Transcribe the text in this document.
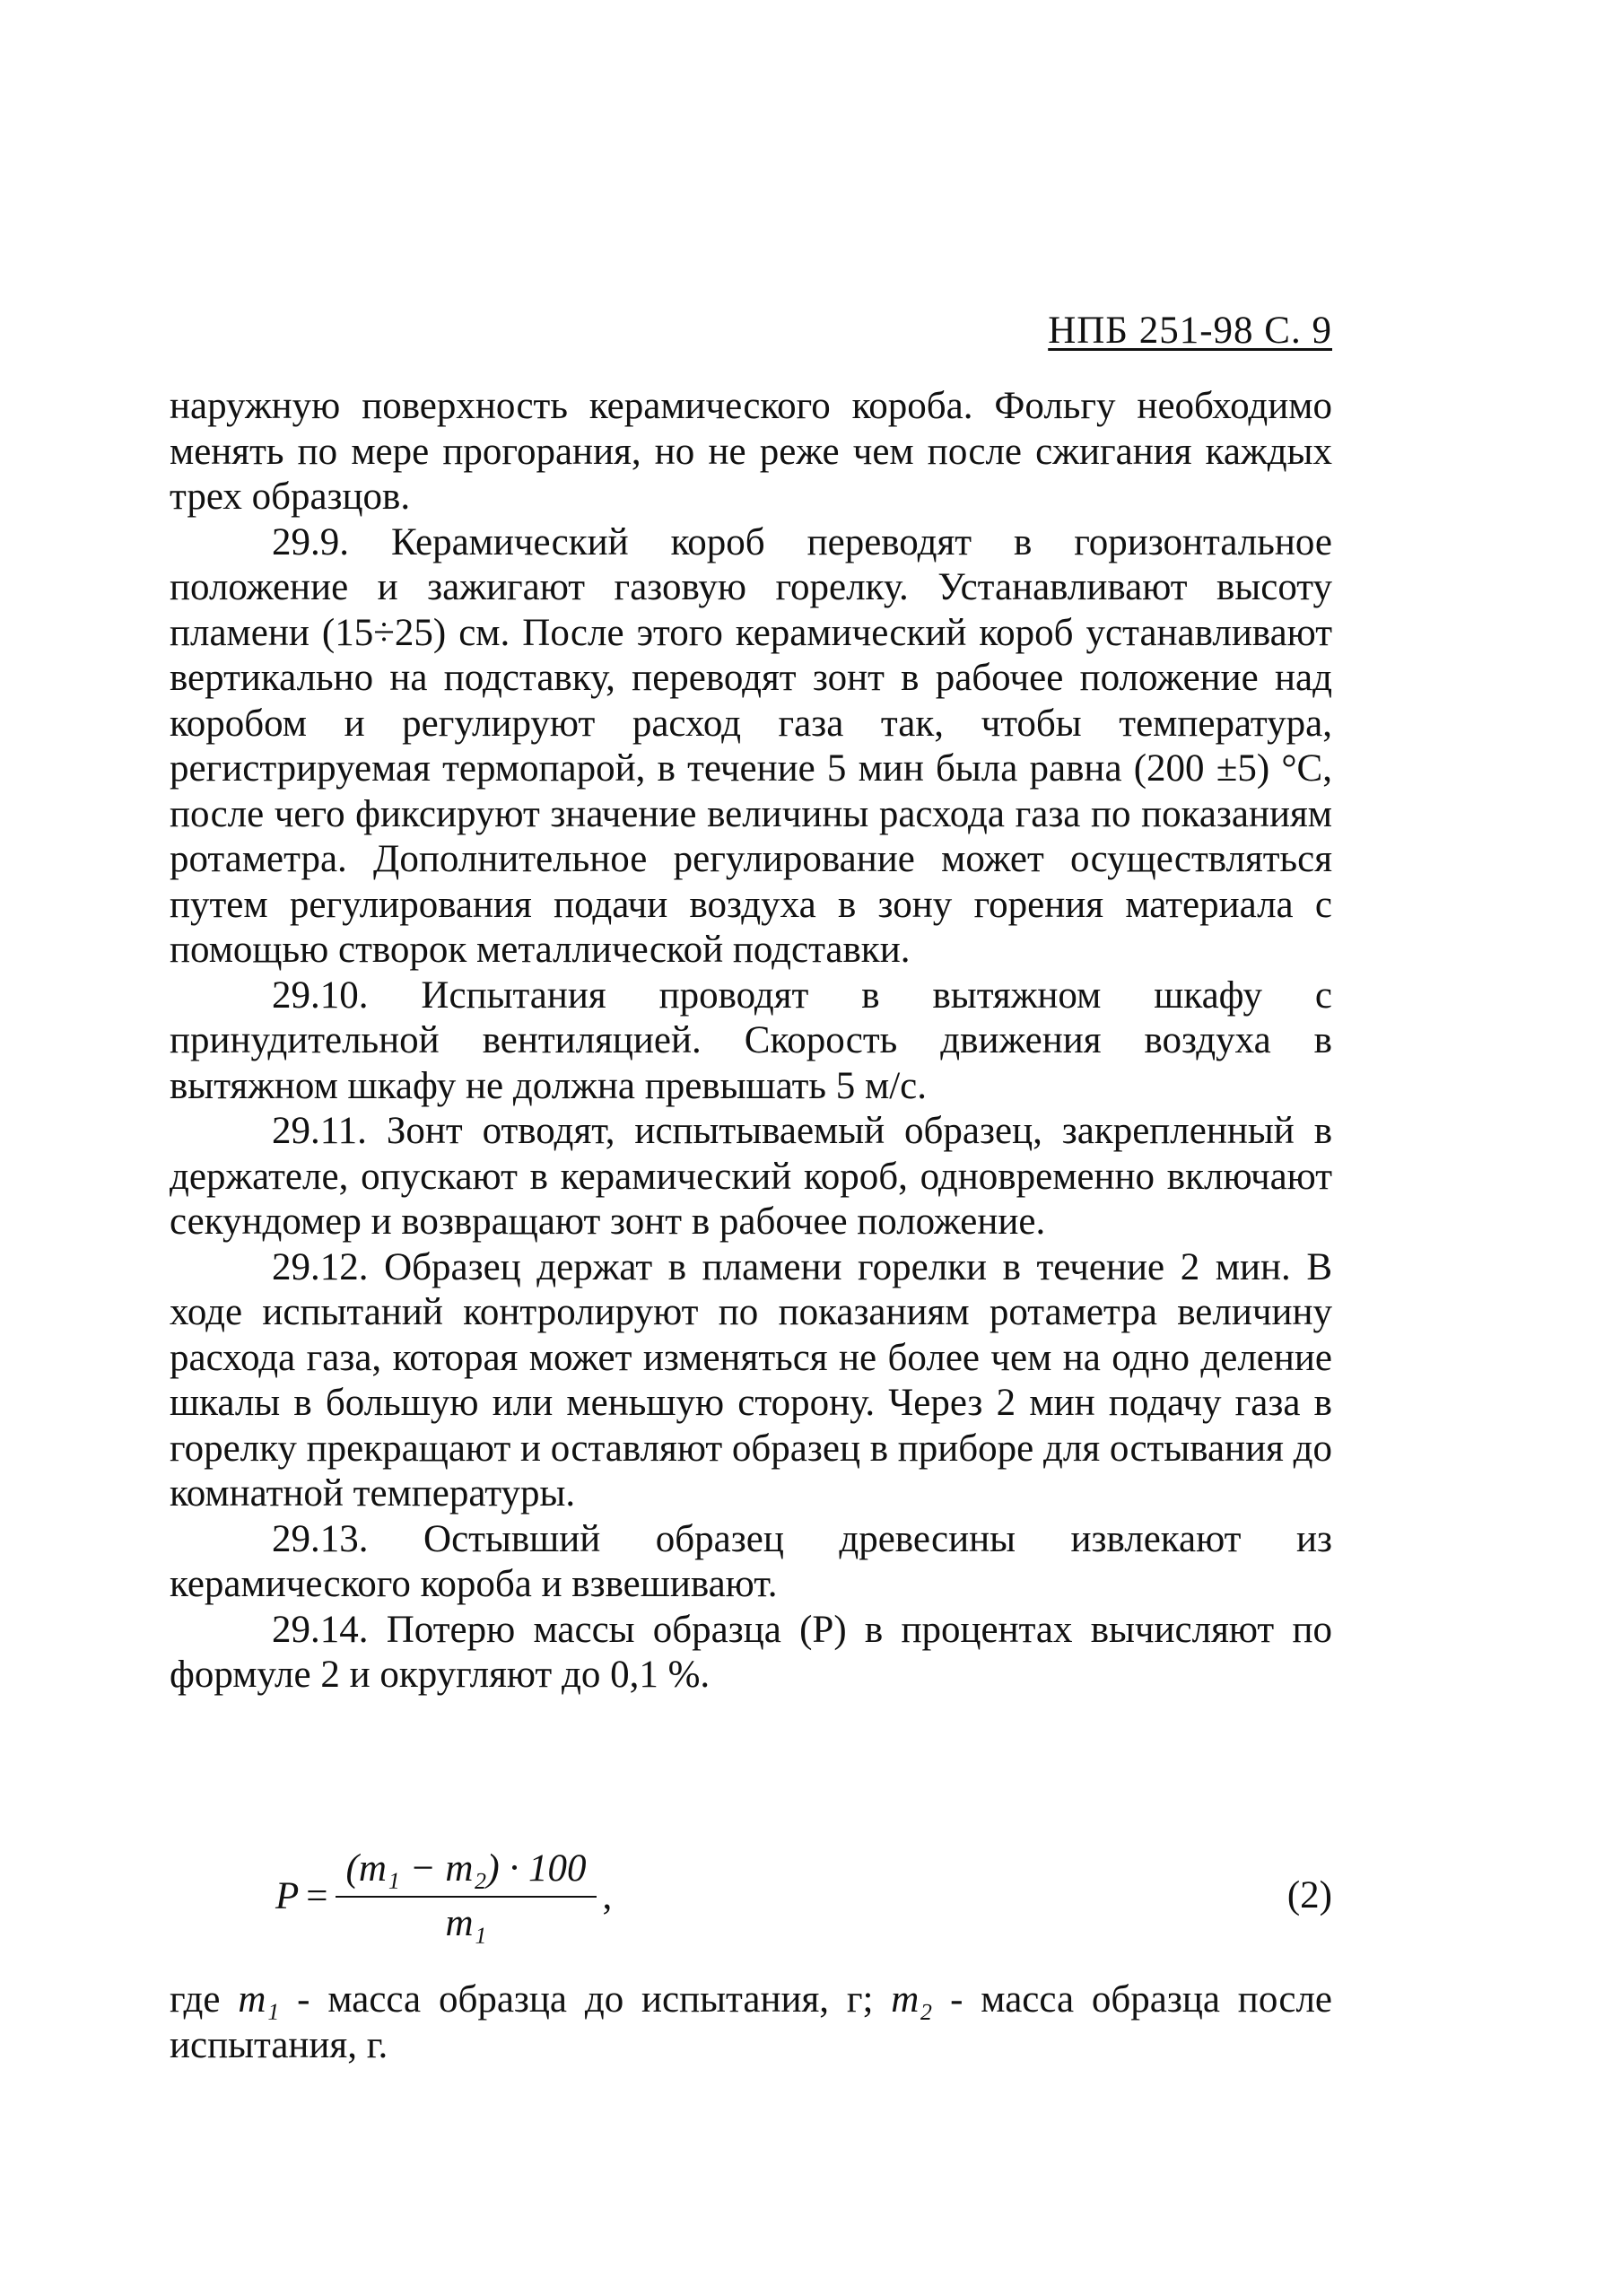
НПБ 251-98 С. 9

наружную поверхность керамического короба. Фольгу необходимо менять по мере прогорания, но не реже чем после сжигания каждых трех образцов.

29.9. Керамический короб переводят в горизонтальное положение и зажигают газовую горелку. Устанавливают высоту пламени (15÷25) см. После этого керамический короб устанавливают вертикально на подставку, переводят зонт в рабочее положение над коробом и регулируют расход газа так, чтобы температура, регистрируемая термопарой, в течение 5 мин была равна (200 ±5) °С, после чего фиксируют значение величины расхода газа по показаниям ротаметра. Дополнительное регулирование может осуществляться путем регулирования подачи воздуха в зону горения материала с помощью створок металлической подставки.

29.10. Испытания проводят в вытяжном шкафу с принудительной вентиляцией. Скорость движения воздуха в вытяжном шкафу не должна превышать 5 м/с.

29.11. Зонт отводят, испытываемый образец, закрепленный в держателе, опускают в керамический короб, одновременно включают секундомер и возвращают зонт в рабочее положение.

29.12. Образец держат в пламени горелки в течение 2 мин. В ходе испытаний контролируют по показаниям ротаметра величину расхода газа, которая может изменяться не более чем на одно деление шкалы в большую или меньшую сторону. Через 2 мин подачу газа в горелку прекращают и оставляют образец в приборе для остывания до комнатной температуры.

29.13. Остывший образец древесины извлекают из керамического короба и взвешивают.

29.14. Потерю массы образца (P) в процентах вычисляют по формуле 2 и округляют до 0,1 %.

$P = \frac{\text{(m₁ − m₂) · 100}}{\text{m₁}}$ ,	(2)
где m₁ - масса образца до испытания, г; m₂ - масса образца после испытания, г.
